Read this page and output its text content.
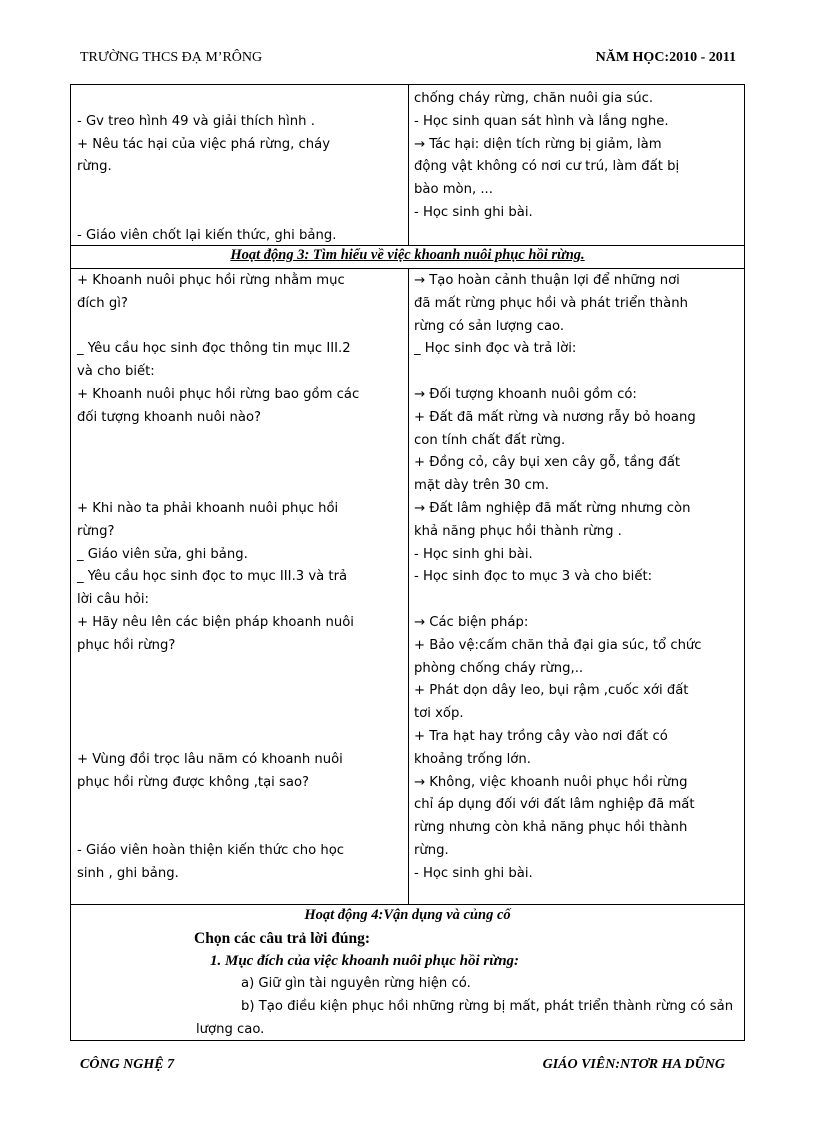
TRƯỜNG THCS ĐẠ M’RÔNG	NĂM HỌC:2010 - 2011

- Gv treo hình 49 và giải thích hình .

+ Nêu tác hại của việc phá rừng, cháy

rừng.

- Giáo viên chốt lại kiến thức, ghi bảng.

chống cháy rừng, chăn nuôi gia súc.

- Học sinh quan sát hình và lắng nghe.

→ Tác hại: diện tích rừng bị giảm, làm

động vật không có nơi cư trú, làm đất bị

bào mòn, ...

- Học sinh ghi bài.

Hoạt động 3: Tìm hiểu về việc khoanh nuôi phục hồi rừng.

+ Khoanh nuôi phục hồi rừng nhằm mục

đích gì?

_ Yêu cầu học sinh đọc thông tin mục III.2

và cho biết:

+ Khoanh nuôi phục hồi rừng bao gồm các

đối tượng khoanh nuôi nào?

+ Khi nào ta phải khoanh nuôi phục hồi

rừng?

_ Giáo viên sửa, ghi bảng.

_ Yêu cầu học sinh đọc to mục III.3 và trả

lời câu hỏi:

+ Hãy nêu lên các biện pháp khoanh nuôi

phục hồi rừng?

+ Vùng đồi trọc lâu năm có khoanh nuôi

phục hồi rừng được không ,tại sao?

- Giáo viên hoàn thiện kiến thức cho học

sinh , ghi bảng.

→ Tạo hoàn cảnh thuận lợi để những nơi

đã mất rừng phục hồi và phát triển thành

rừng có sản lượng cao.

_ Học sinh đọc và trả lời:

→ Đối tượng khoanh nuôi gồm có:

+ Đất đã mất rừng và nương rẫy bỏ hoang

con tính chất đất rừng.

+ Đồng cỏ, cây bụi xen cây gỗ, tầng đất

mặt dày trên 30 cm.

→ Đất lâm nghiệp đã mất rừng nhưng còn

khả năng phục hồi thành rừng .

- Học sinh ghi bài.

- Học sinh đọc to mục 3 và cho biết:

→ Các biện pháp:

+ Bảo vệ:cấm chăn thả đại gia súc, tổ chức

phòng chống cháy rừng,..

+ Phát dọn dây leo, bụi rậm ,cuốc xới đất

tơi xốp.

+ Tra hạt hay trồng cây vào nơi đất có

khoảng trống lớn.

→ Không, việc khoanh nuôi phục hồi rừng

chỉ áp dụng đối với đất lâm nghiệp đã mất

rừng nhưng còn khả năng phục hồi thành

rừng.

- Học sinh ghi bài.

Hoạt động 4:Vận dụng và củng cố
Chọn các câu trả lời đúng:
1. Mục đích của việc khoanh nuôi phục hồi rừng:
a) Giữ gìn tài nguyên rừng hiện có.
b) Tạo điều kiện phục hồi những rừng bị mất, phát triển thành rừng có sản
lượng cao.
CÔNG NGHỆ 7	GIÁO VIÊN:NTƠR HA DŨNG
